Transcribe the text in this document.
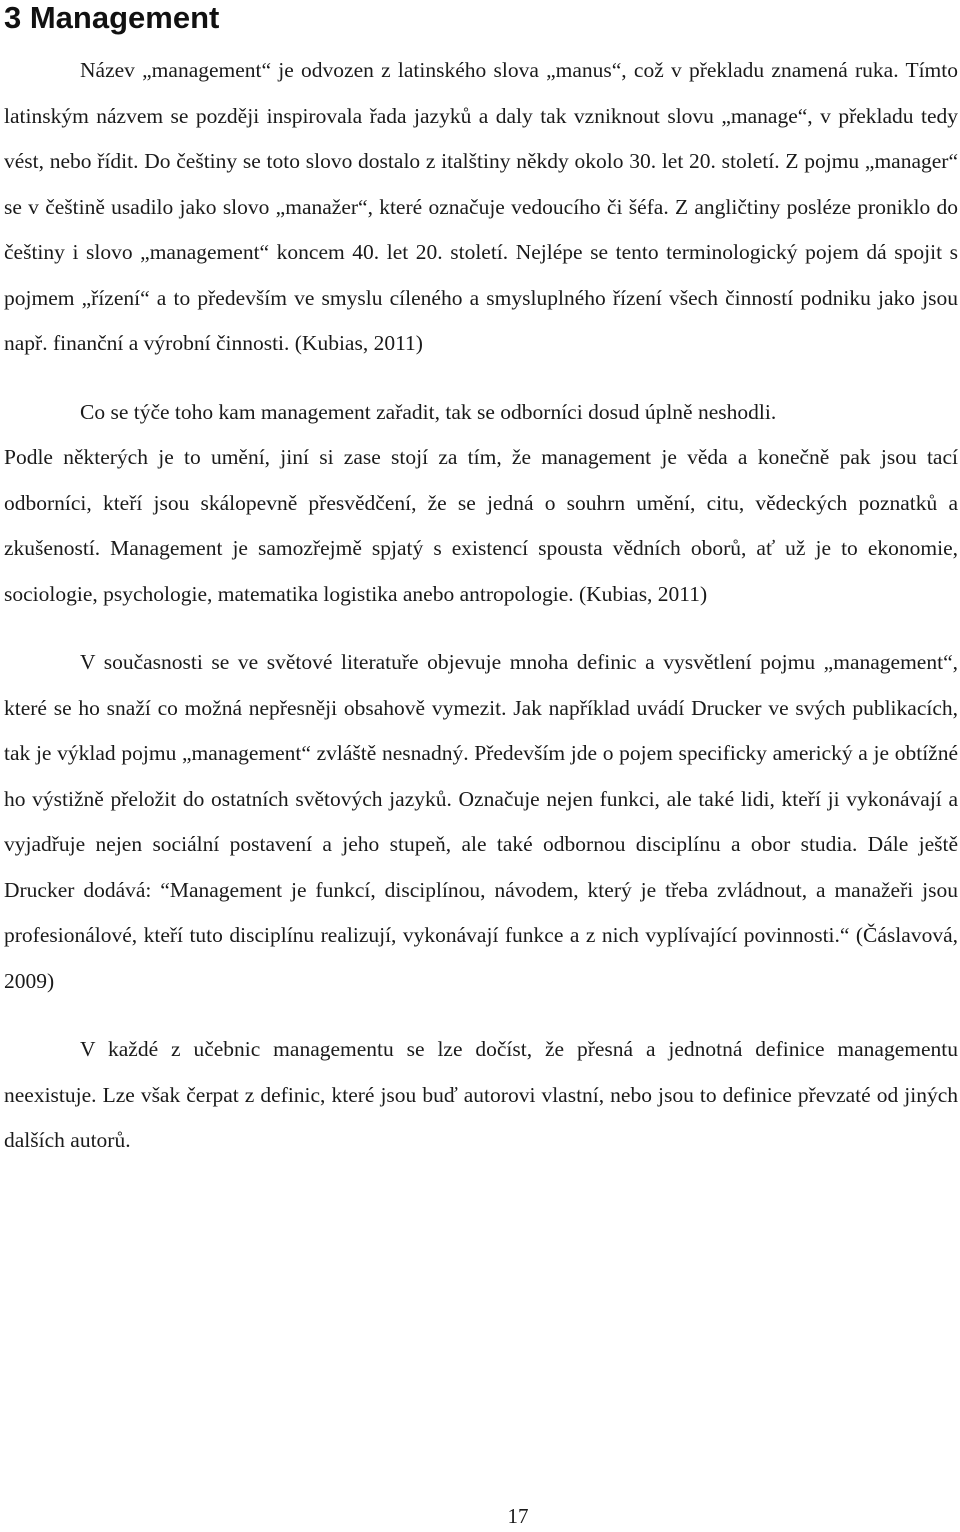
3 Management

Název „management“ je odvozen z latinského slova „manus“, což v překladu znamená ruka. Tímto latinským názvem se později inspirovala řada jazyků a daly tak vzniknout slovu „manage“, v překladu tedy vést, nebo řídit. Do češtiny se toto slovo dostalo z italštiny někdy okolo 30. let 20. století. Z pojmu „manager“ se v češtině usadilo jako slovo „manažer“, které označuje vedoucího či šéfa. Z angličtiny posléze proniklo do češtiny i slovo „management“ koncem 40. let 20. století. Nejlépe se tento terminologický pojem dá spojit s pojmem „řízení“ a to především ve smyslu cíleného a smysluplného řízení všech činností podniku jako jsou např. finanční a výrobní činnosti. (Kubias, 2011)

Co se týče toho kam management zařadit, tak se odborníci dosud úplně neshodli.

Podle některých je to umění, jiní si zase stojí za tím, že management je věda a konečně pak jsou tací odborníci, kteří jsou skálopevně přesvědčení, že se jedná o souhrn umění, citu, vědeckých poznatků a zkušeností. Management je samozřejmě spjatý s existencí spousta vědních oborů, ať už je to ekonomie, sociologie, psychologie, matematika logistika anebo antropologie. (Kubias, 2011)

V současnosti se ve světové literatuře objevuje mnoha definic a vysvětlení pojmu „management“, které se ho snaží co možná nepřesněji obsahově vymezit. Jak například uvádí Drucker ve svých publikacích, tak je výklad pojmu „management“ zvláště nesnadný. Především jde o pojem specificky americký a je obtížné ho výstižně přeložit do ostatních světových jazyků. Označuje nejen funkci, ale také lidi, kteří ji vykonávají a vyjadřuje nejen sociální postavení a jeho stupeň, ale také odbornou disciplínu a obor studia. Dále ještě Drucker dodává: “Management je funkcí, disciplínou, návodem, který je třeba zvládnout, a manažeři jsou profesionálové, kteří tuto disciplínu realizují, vykonávají funkce a z nich vyplívající povinnosti.“ (Čáslavová, 2009)

V každé z učebnic managementu se lze dočíst, že přesná a jednotná definice managementu neexistuje. Lze však čerpat z definic, které jsou buď autorovi vlastní, nebo jsou to definice převzaté od jiných dalších autorů.

17
